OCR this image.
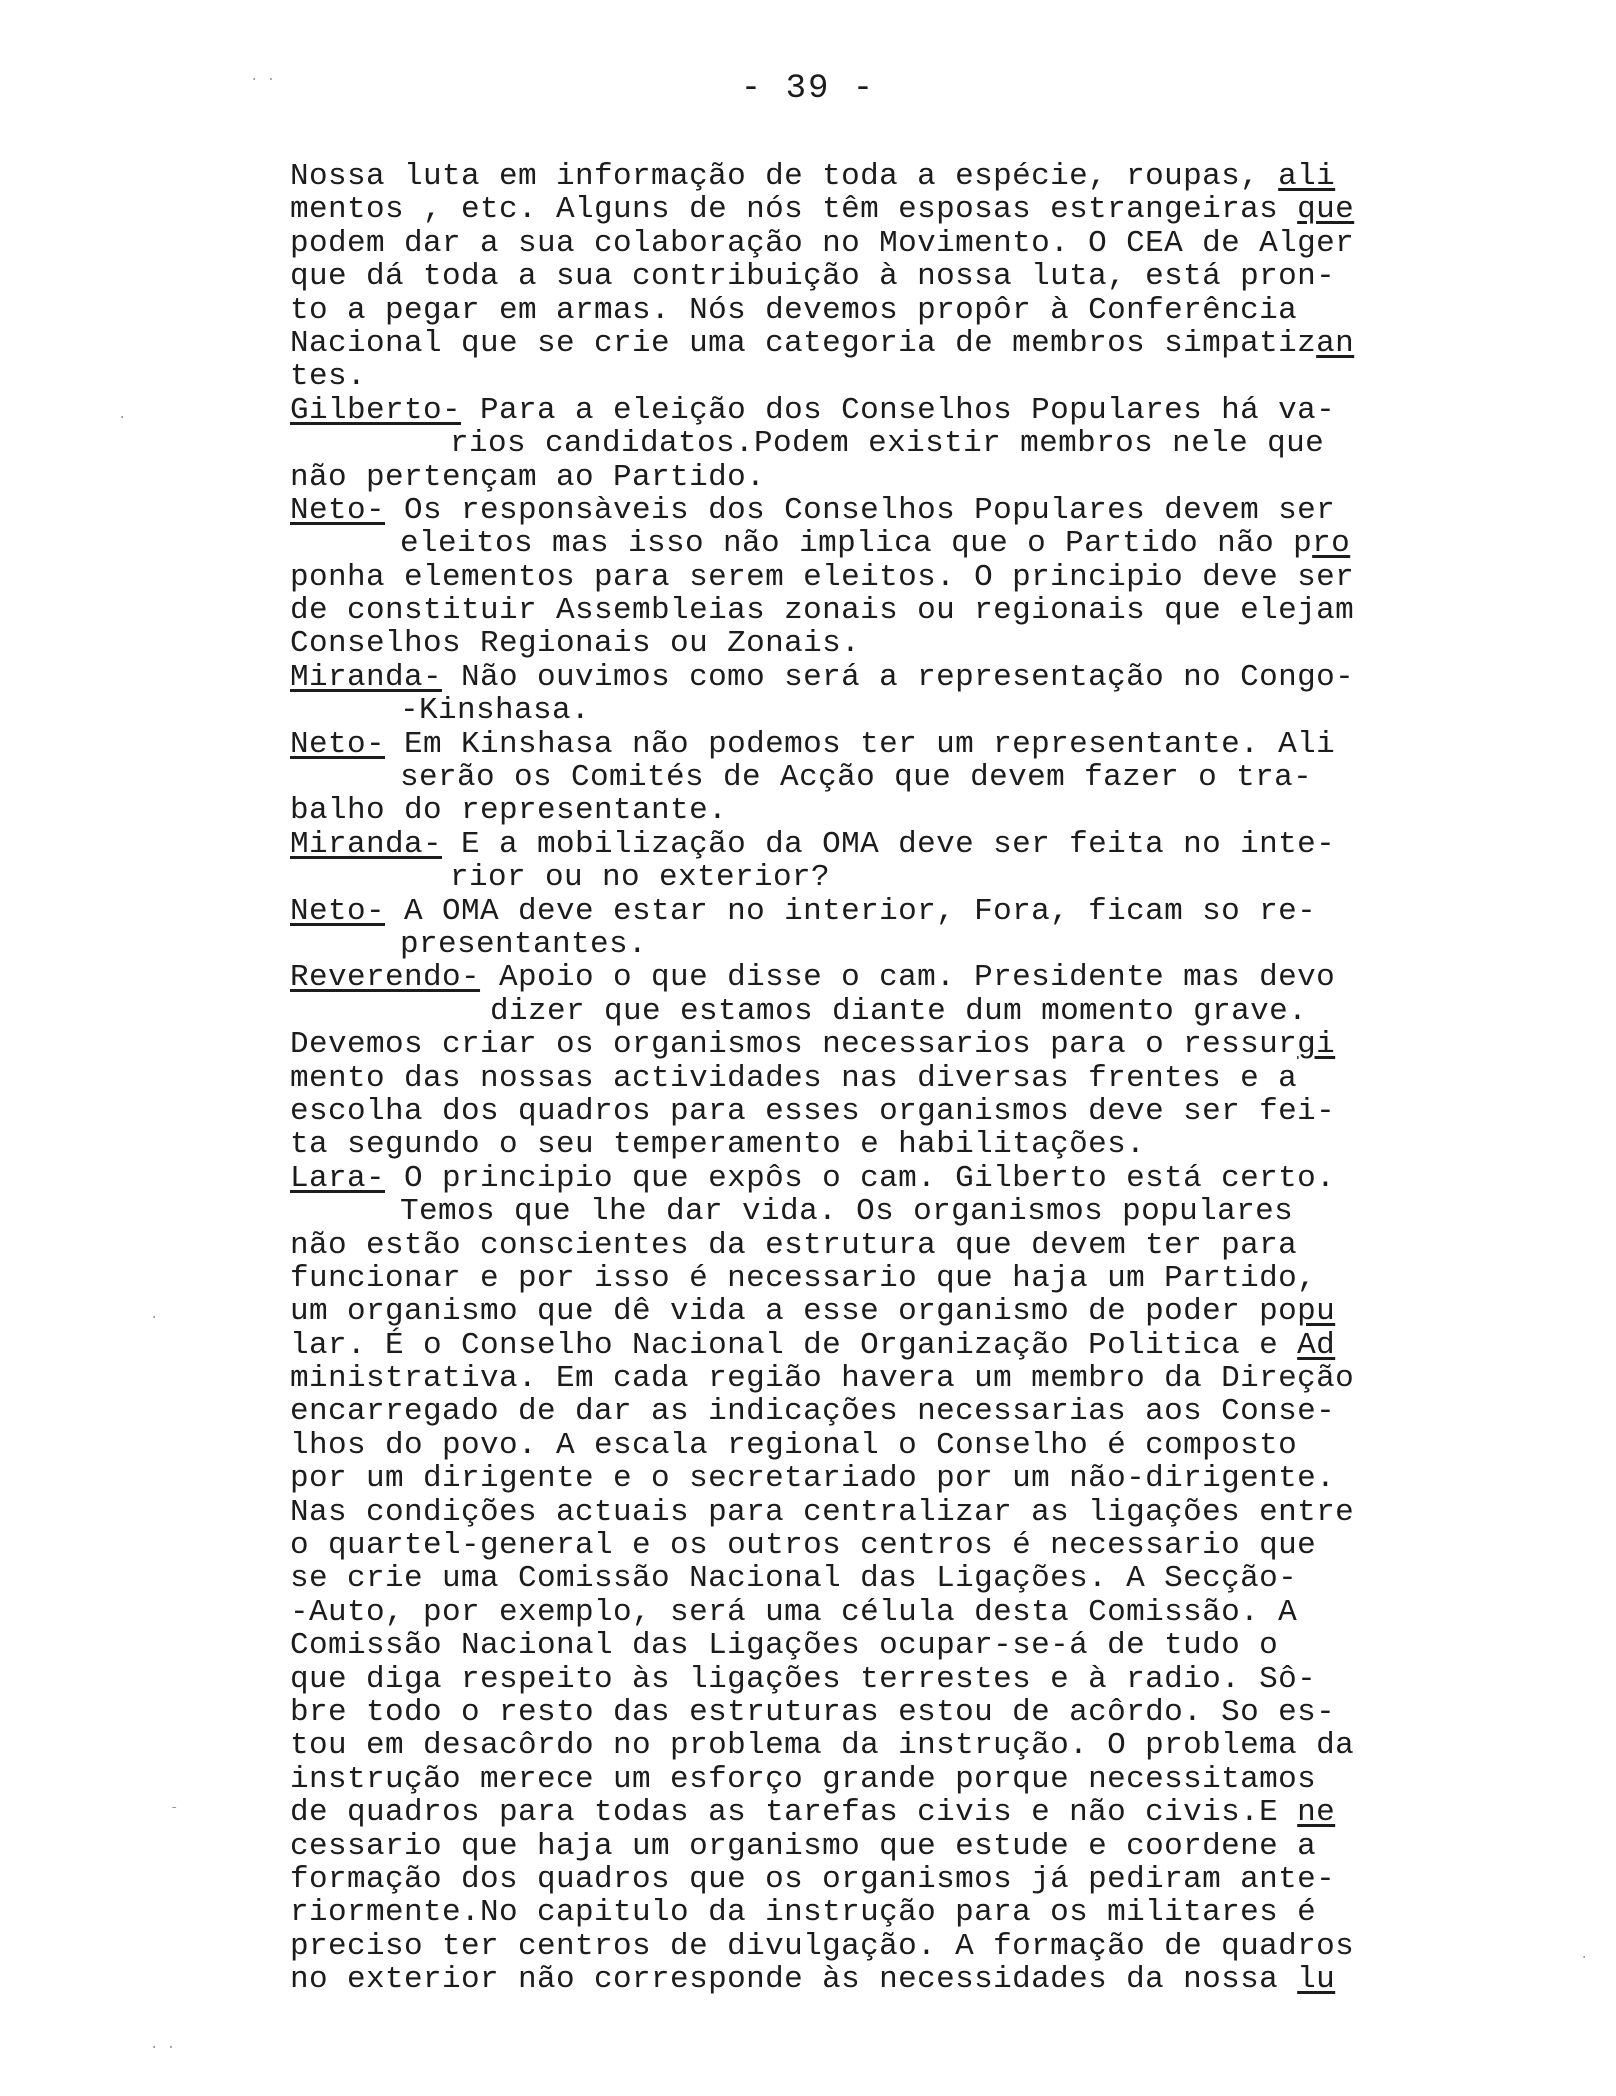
- 39 -
Nossa luta em informação de toda a espécie, roupas, ali
mentos , etc. Alguns de nós têm esposas estrangeiras que
podem dar a sua colaboração no Movimento. O CEA de Alger
que dá toda a sua contribuição à nossa luta, está pron-
to a pegar em armas. Nós devemos propôr à Conferência
Nacional que se crie uma categoria de membros simpatizan
tes.
Gilberto- Para a eleição dos Conselhos Populares há va-
rios candidatos.Podem existir membros nele que
não pertençam ao Partido.
Neto- Os responsàveis dos Conselhos Populares devem ser
eleitos mas isso não implica que o Partido não pro
ponha elementos para serem eleitos. O principio deve ser
de constituir Assembleias zonais ou regionais que elejam
Conselhos Regionais ou Zonais.
Miranda- Não ouvimos como será a representação no Congo-
-Kinshasa.
Neto- Em Kinshasa não podemos ter um representante. Ali
serão os Comités de Acção que devem fazer o tra-
balho do representante.
Miranda- E a mobilização da OMA deve ser feita no inte-
rior ou no exterior?
Neto- A OMA deve estar no interior, Fora, ficam so re-
presentantes.
Reverendo- Apoio o que disse o cam. Presidente mas devo
dizer que estamos diante dum momento grave.
Devemos criar os organismos necessarios para o ressurgi
mento das nossas actividades nas diversas frentes e a
escolha dos quadros para esses organismos deve ser fei-
ta segundo o seu temperamento e habilitações.
Lara- O principio que expôs o cam. Gilberto está certo.
Temos que lhe dar vida. Os organismos populares
não estão conscientes da estrutura que devem ter para
funcionar e por isso é necessario que haja um Partido,
um organismo que dê vida a esse organismo de poder popu
lar. É o Conselho Nacional de Organização Politica e Ad
ministrativa. Em cada região havera um membro da Direção
encarregado de dar as indicações necessarias aos Conse-
lhos do povo. A escala regional o Conselho é composto
por um dirigente e o secretariado por um não-dirigente.
Nas condições actuais para centralizar as ligações entre
o quartel-general e os outros centros é necessario que
se crie uma Comissão Nacional das Ligações. A Secção-
-Auto, por exemplo, será uma célula desta Comissão. A
Comissão Nacional das Ligações ocupar-se-á de tudo o
que diga respeito às ligações terrestes e à radio. Sô-
bre todo o resto das estruturas estou de acôrdo. So es-
tou em desacôrdo no problema da instrução. O problema da
instrução merece um esforço grande porque necessitamos
de quadros para todas as tarefas civis e não civis.E ne
cessario que haja um organismo que estude e coordene a
formação dos quadros que os organismos já pediram ante-
riormente.No capitulo da instrução para os militares é
preciso ter centros de divulgação. A formação de quadros
no exterior não corresponde às necessidades da nossa lu
· ·
·
·
-
· ·
·
